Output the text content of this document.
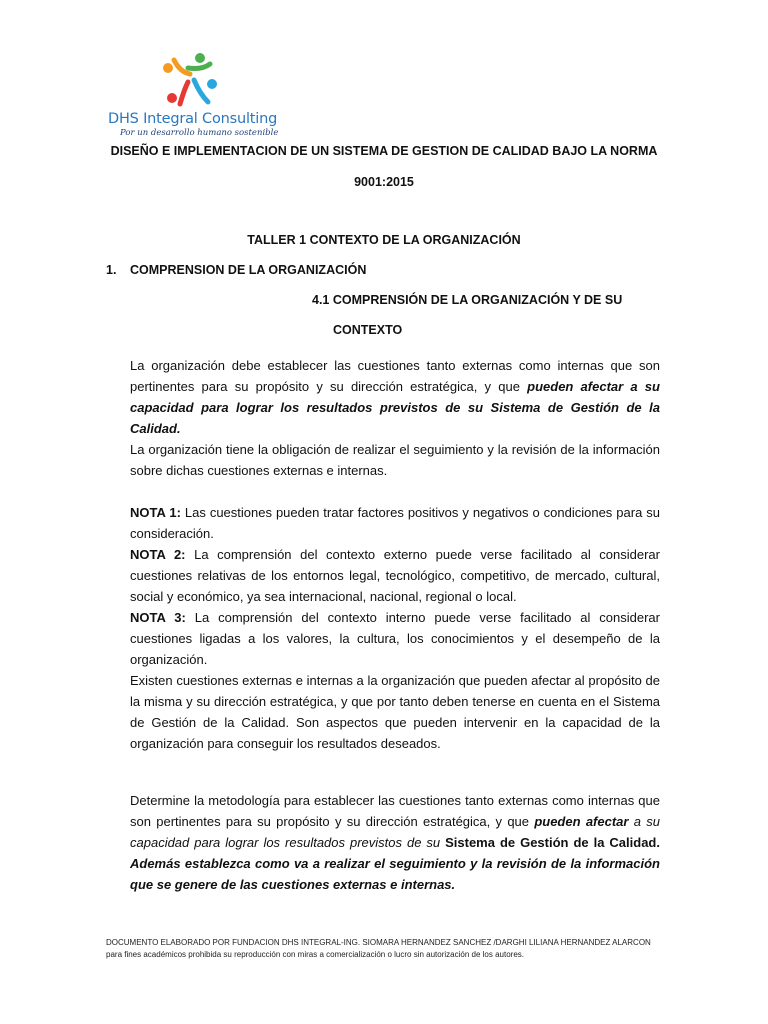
DHS Integral Consulting
Por un desarrollo humano sostenible
DISEÑO E IMPLEMENTACION DE UN SISTEMA DE GESTION DE CALIDAD BAJO LA NORMA
9001:2015
TALLER 1 CONTEXTO DE LA ORGANIZACIÓN
1. COMPRENSION DE LA ORGANIZACIÓN
4.1 COMPRENSIÓN DE LA ORGANIZACIÓN Y DE SU
CONTEXTO

La organización debe establecer las cuestiones tanto externas como internas que son pertinentes para su propósito y su dirección estratégica, y que pueden afectar a su capacidad para lograr los resultados previstos de su Sistema de Gestión de la Calidad.

La organización tiene la obligación de realizar el seguimiento y la revisión de la información sobre dichas cuestiones externas e internas.

NOTA 1: Las cuestiones pueden tratar factores positivos y negativos o condiciones para su consideración.

NOTA 2: La comprensión del contexto externo puede verse facilitado al considerar cuestiones relativas de los entornos legal, tecnológico, competitivo, de mercado, cultural, social y económico, ya sea internacional, nacional, regional o local.

NOTA 3: La comprensión del contexto interno puede verse facilitado al considerar cuestiones ligadas a los valores, la cultura, los conocimientos y el desempeño de la organización.

Existen cuestiones externas e internas a la organización que pueden afectar al propósito de la misma y su dirección estratégica, y que por tanto deben tenerse en cuenta en el Sistema de Gestión de la Calidad. Son aspectos que pueden intervenir en la capacidad de la organización para conseguir los resultados deseados.

Determine la metodología para establecer las cuestiones tanto externas como internas que son pertinentes para su propósito y su dirección estratégica, y que pueden afectar a su capacidad para lograr los resultados previstos de su Sistema de Gestión de la Calidad. Además establezca como va a realizar el seguimiento y la revisión de la información que se genere de las cuestiones externas e internas.

DOCUMENTO ELABORADO POR FUNDACION DHS INTEGRAL-ING. SIOMARA HERNANDEZ SANCHEZ /DARGHI LILIANA HERNANDEZ ALARCON para fines académicos prohibida su reproducción con miras a comercialización o lucro sin autorización de los autores.
